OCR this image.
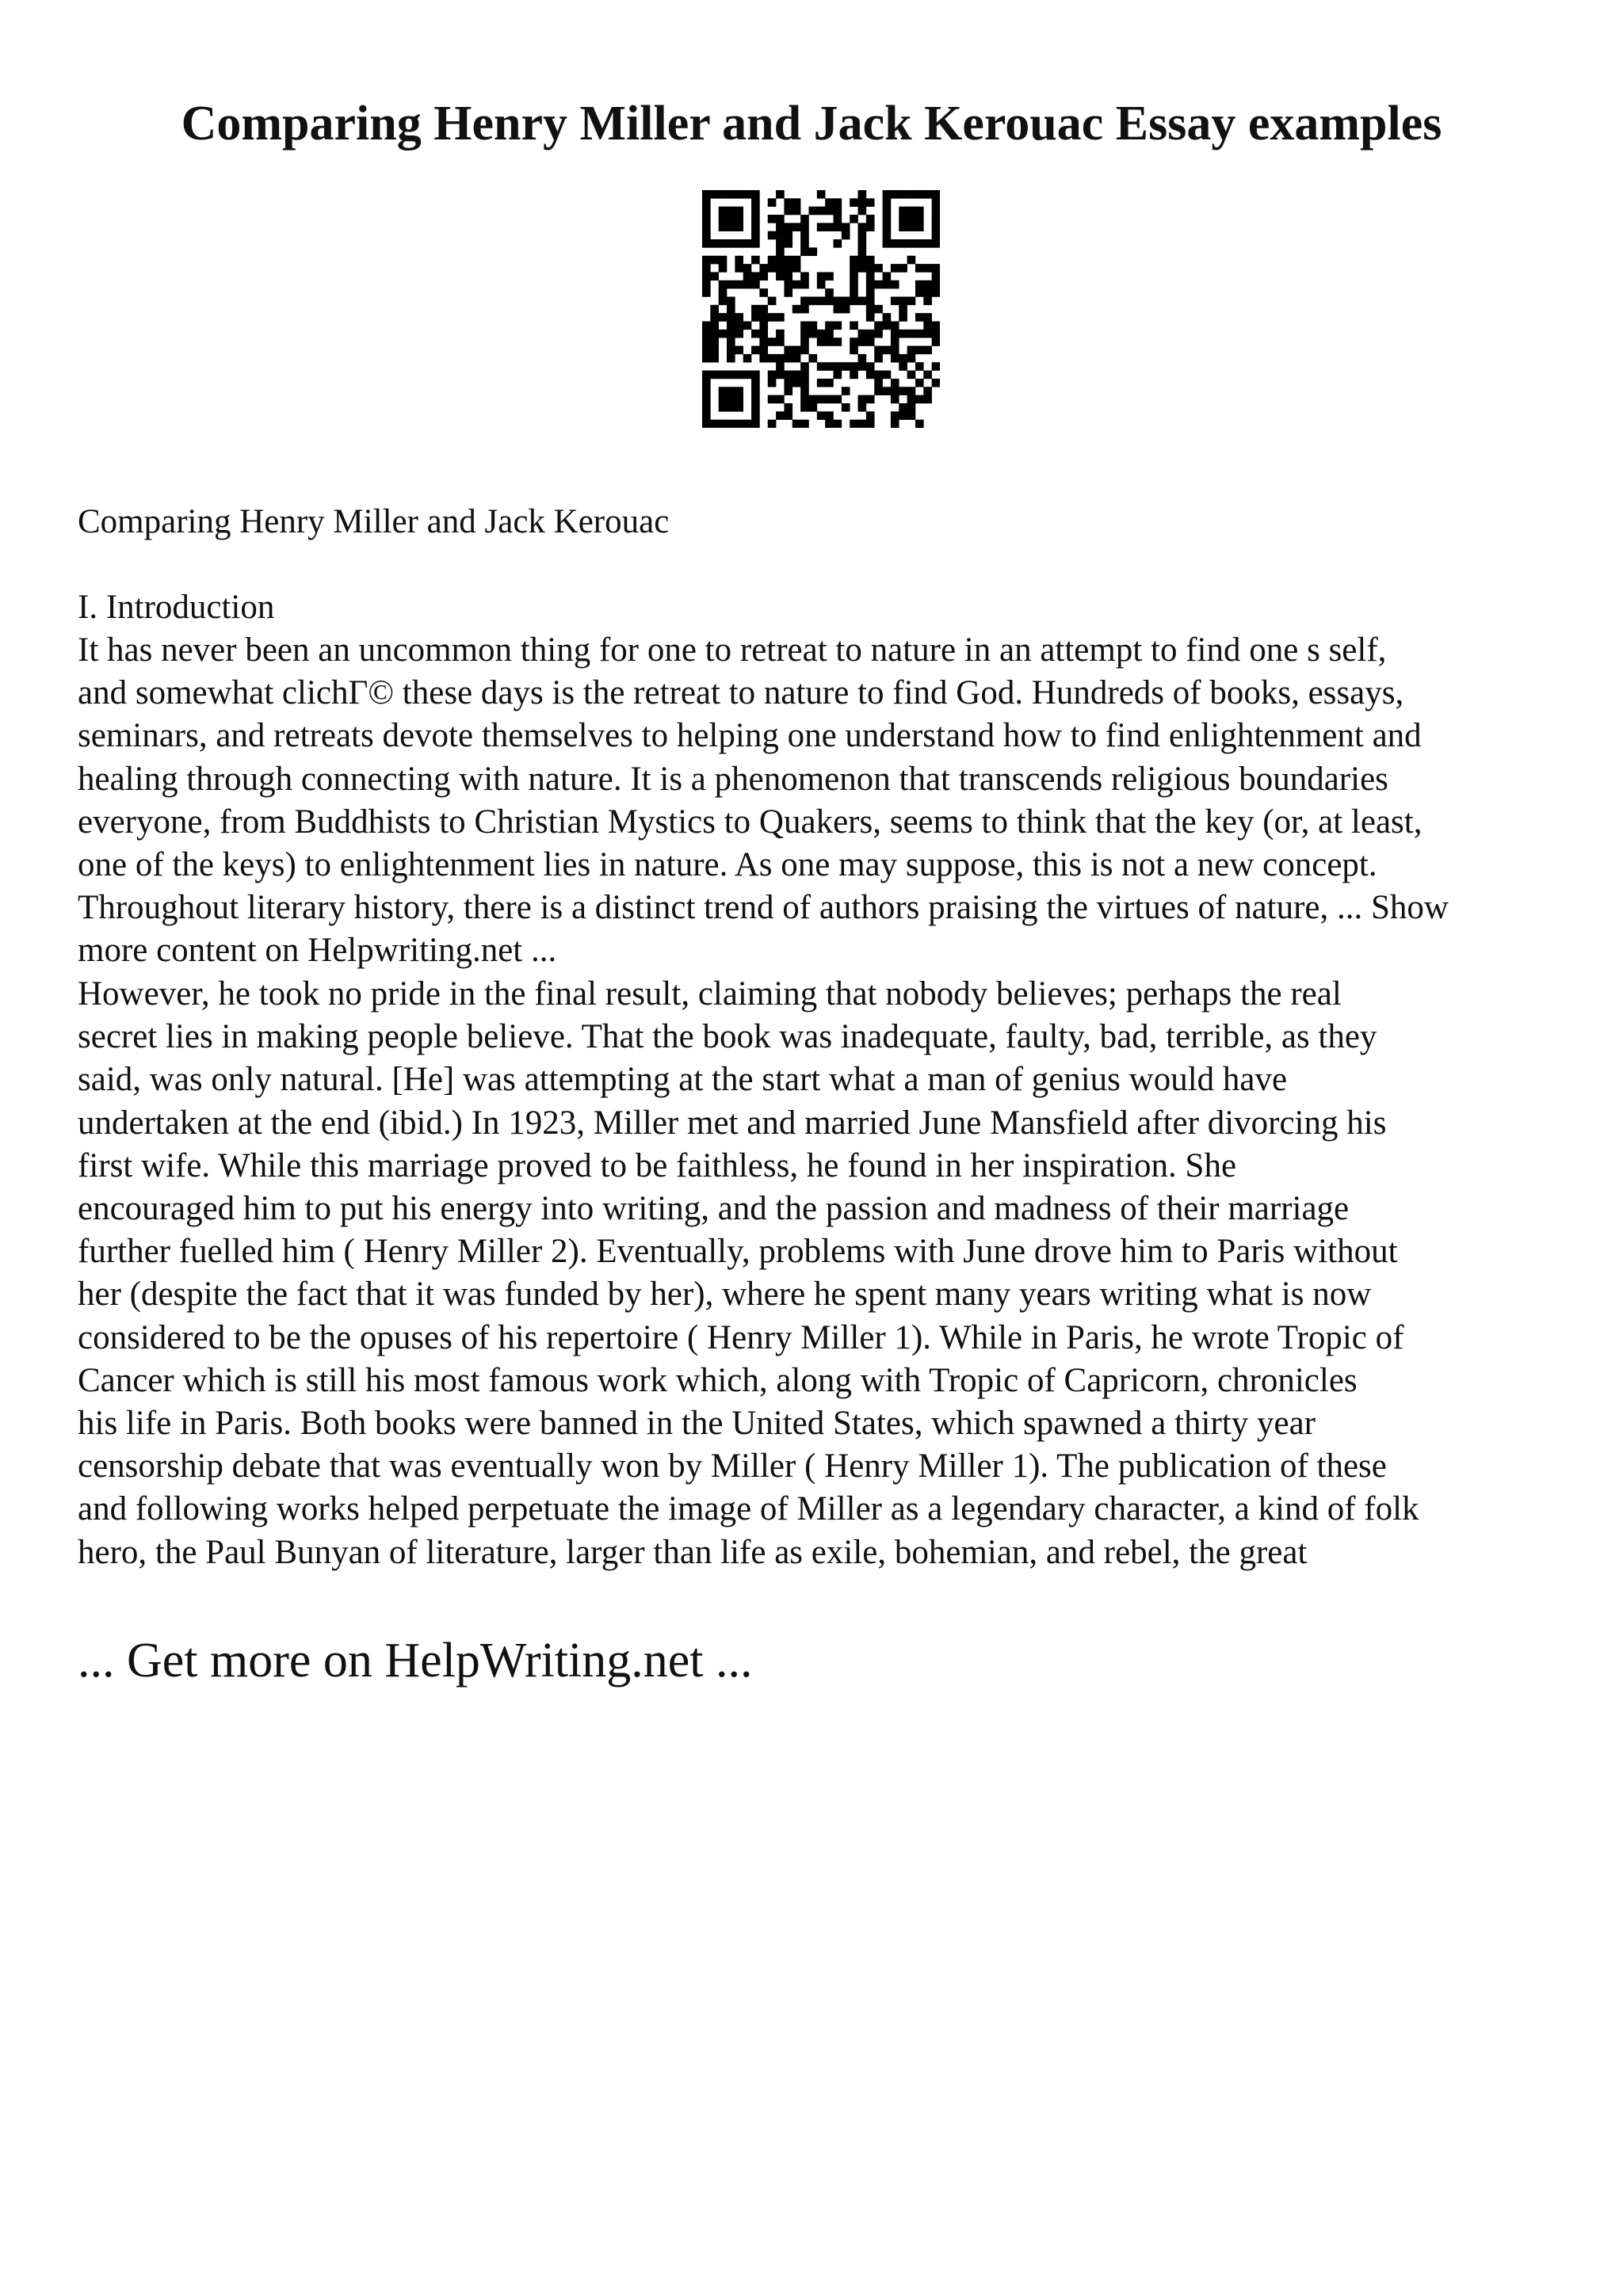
Comparing Henry Miller and Jack Kerouac Essay examples

Comparing Henry Miller and Jack Kerouac

I. Introduction

It has never been an uncommon thing for one to retreat to nature in an attempt to find one s self,
and somewhat clichГ© these days is the retreat to nature to find God. Hundreds of books, essays,
seminars, and retreats devote themselves to helping one understand how to find enlightenment and
healing through connecting with nature. It is a phenomenon that transcends religious boundaries
everyone, from Buddhists to Christian Mystics to Quakers, seems to think that the key (or, at least,
one of the keys) to enlightenment lies in nature. As one may suppose, this is not a new concept.
Throughout literary history, there is a distinct trend of authors praising the virtues of nature, ... Show
more content on Helpwriting.net ...
However, he took no pride in the final result, claiming that nobody believes; perhaps the real
secret lies in making people believe. That the book was inadequate, faulty, bad, terrible, as they
said, was only natural. [He] was attempting at the start what a man of genius would have
undertaken at the end (ibid.) In 1923, Miller met and married June Mansfield after divorcing his
first wife. While this marriage proved to be faithless, he found in her inspiration. She
encouraged him to put his energy into writing, and the passion and madness of their marriage
further fuelled him ( Henry Miller 2). Eventually, problems with June drove him to Paris without
her (despite the fact that it was funded by her), where he spent many years writing what is now
considered to be the opuses of his repertoire ( Henry Miller 1). While in Paris, he wrote Tropic of
Cancer which is still his most famous work which, along with Tropic of Capricorn, chronicles
his life in Paris. Both books were banned in the United States, which spawned a thirty year
censorship debate that was eventually won by Miller ( Henry Miller 1). The publication of these
and following works helped perpetuate the image of Miller as a legendary character, a kind of folk
hero, the Paul Bunyan of literature, larger than life as exile, bohemian, and rebel, the great

... Get more on HelpWriting.net ...
